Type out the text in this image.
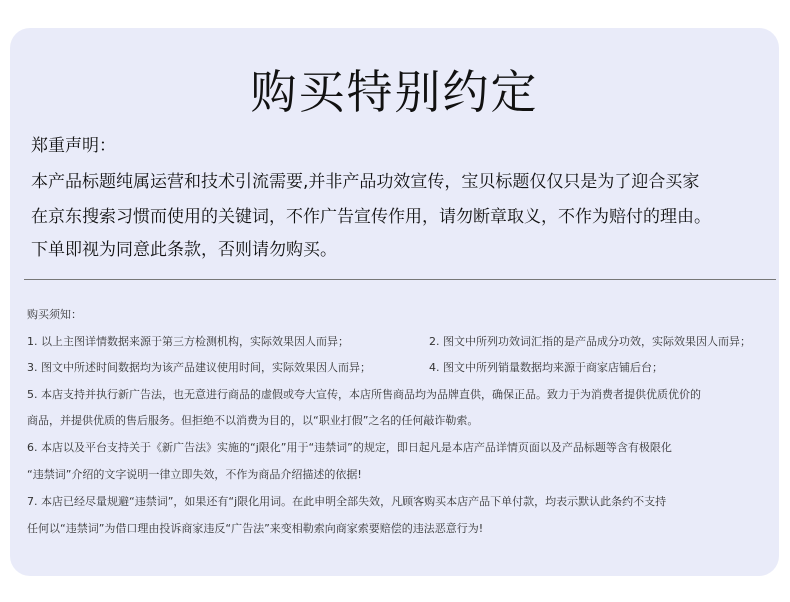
购买特别约定
郑重声明：
本产品标题纯属运营和技术引流需要,并非产品功效宣传，宝贝标题仅仅只是为了迎合买家
在京东搜索习惯而使用的关键词，不作广告宣传作用，请勿断章取义，不作为赔付的理由。
下单即视为同意此条款，否则请勿购买。
购买须知：
1. 以上主图详情数据来源于第三方检测机构，实际效果因人而异；	2. 图文中所列功效词汇指的是产品成分功效，实际效果因人而异；
3. 图文中所述时间数据均为该产品建议使用时间，实际效果因人而异；	4. 图文中所列销量数据均来源于商家店铺后台；
5. 本店支持并执行新广告法，也无意进行商品的虚假或夸大宣传，本店所售商品均为品牌直供，确保正品。致力于为消费者提供优质优价的
商品，并提供优质的售后服务。但拒绝不以消费为目的，以“职业打假”之名的任何敲诈勒索。
6. 本店以及平台支持关于《新广告法》实施的“j限化”用于“违禁词”的规定，即日起凡是本店产品详情页面以及产品标题等含有极限化
“违禁词”介绍的文字说明一律立即失效，不作为商品介绍描述的依据!
7. 本店已经尽量规避“违禁词”，如果还有“j限化用词。在此申明全部失效，凡顾客购买本店产品下单付款，均表示默认此条约不支持
任何以“违禁词”为借口理由投诉商家违反“广告法”来变相勒索向商家索要赔偿的违法恶意行为!
